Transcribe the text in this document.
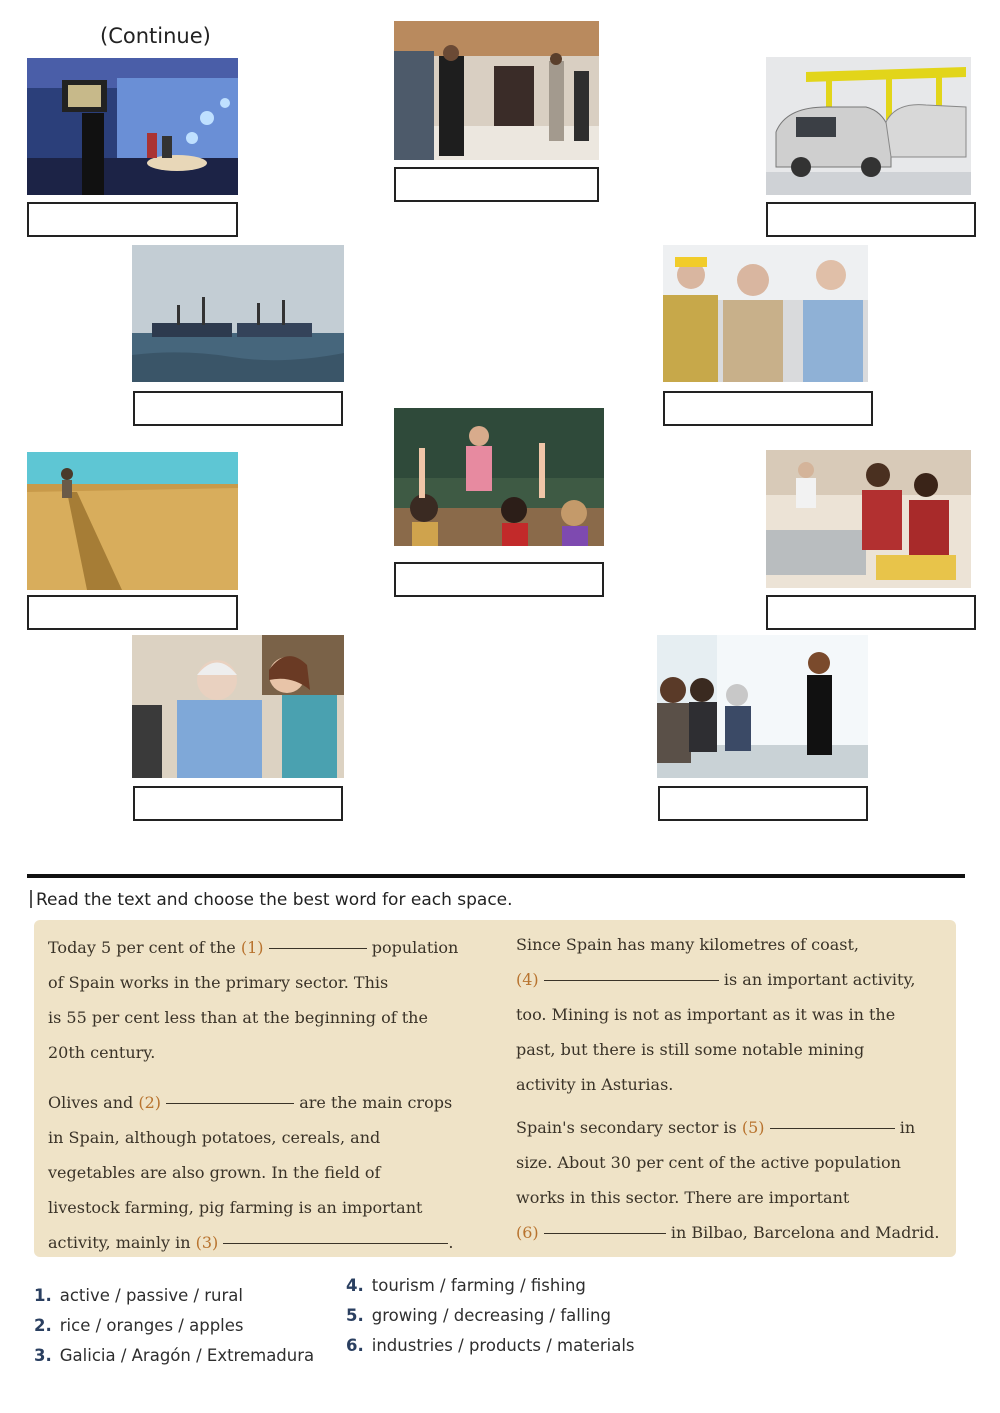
(Continue)
Read the text and choose the best word for each space.
Today 5 per cent of the (1)	population
of Spain works in the primary sector. This
is 55 per cent less than at the beginning of the
20th century.
Olives and (2)	are the main crops
in Spain, although potatoes, cereals, and
vegetables are also grown. In the field of
livestock farming, pig farming is an important
activity, mainly in (3)	.
Since Spain has many kilometres of coast,
(4)	is an important activity,
too. Mining is not as important as it was in the
past, but there is still some notable mining
activity in Asturias.
Spain's secondary sector is (5)	in
size. About 30 per cent of the active population
works in this sector. There are important
(6)	in Bilbao, Barcelona and Madrid.
1. active / passive / rural
2. rice / oranges / apples
3. Galicia / Aragón / Extremadura
4. tourism / farming / fishing
5. growing / decreasing / falling
6. industries / products / materials
